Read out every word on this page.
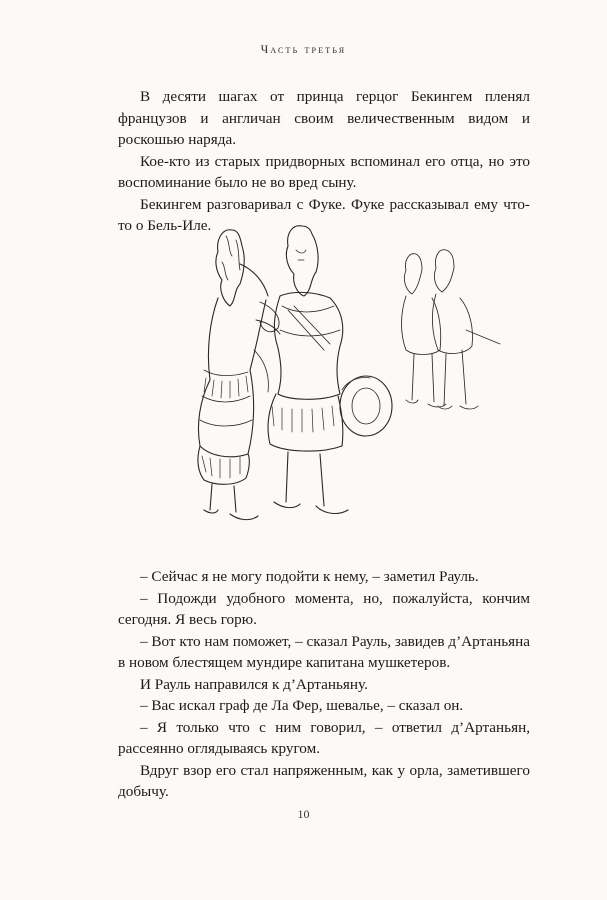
Часть третья

В десяти шагах от принца герцог Бекингем пленял французов и англичан своим величественным видом и роскошью наряда.

Кое-кто из старых придворных вспоминал его отца, но это воспоминание было не во вред сыну.

Бекингем разговаривал с Фуке. Фуке рассказывал ему что-то о Бель-Иле.

– Сейчас я не могу подойти к нему, – заметил Рауль.

– Подожди удобного момента, но, пожалуйста, кончим сегодня. Я весь горю.

– Вот кто нам поможет, – сказал Рауль, завидев д’Артаньяна в новом блестящем мундире капитана мушкетеров.

И Рауль направился к д’Артаньяну.

– Вас искал граф де Ла Фер, шевалье, – сказал он.

– Я только что с ним говорил, – ответил д’Артаньян, рассеянно оглядываясь кругом.

Вдруг взор его стал напряженным, как у орла, заметившего добычу.

10
